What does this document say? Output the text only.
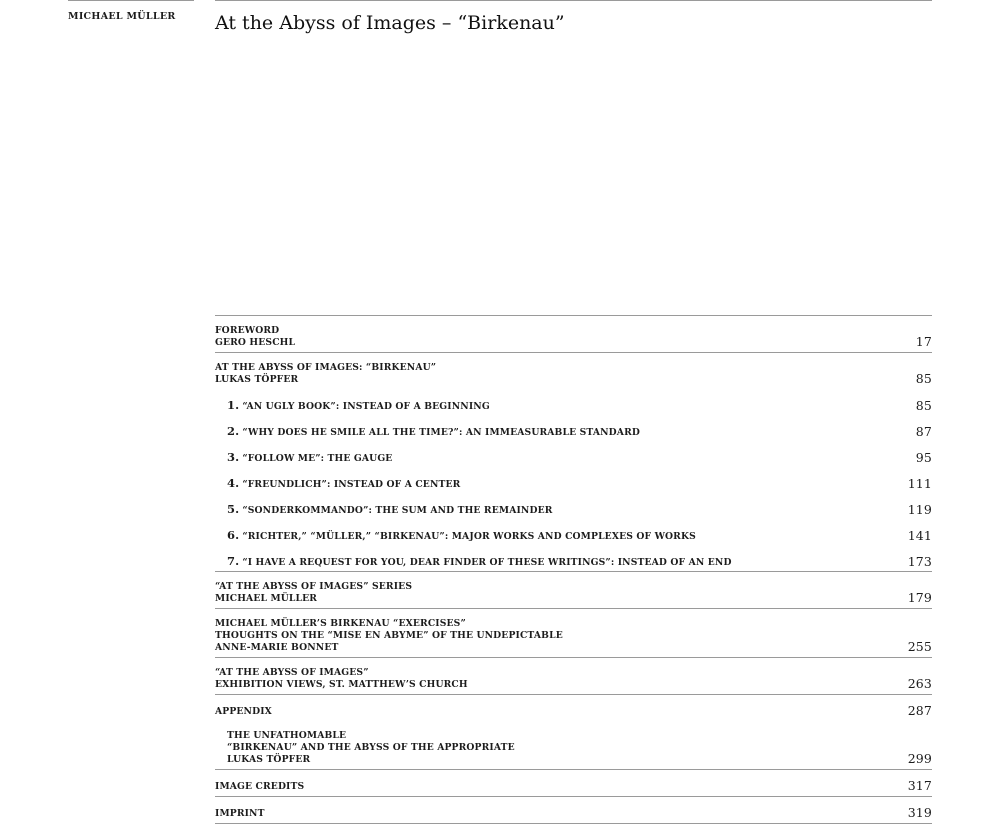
MICHAEL MÜLLER At the Abyss of Images – “Birkenau”
FOREWORD
GERO HESCHL	17
AT THE ABYSS OF IMAGES: “BIRKENAU”
LUKAS TÖPFER	85
1. “AN UGLY BOOK”: INSTEAD OF A BEGINNING	85
2. “WHY DOES HE SMILE ALL THE TIME?”: AN IMMEASURABLE STANDARD	87
3. “FOLLOW ME”: THE GAUGE	95
4. “FREUNDLICH”: INSTEAD OF A CENTER	111
5. “SONDERKOMMANDO”: THE SUM AND THE REMAINDER	119
6. “RICHTER,” “MÜLLER,” “BIRKENAU”: MAJOR WORKS AND COMPLEXES OF WORKS	141
7. “I HAVE A REQUEST FOR YOU, DEAR FINDER OF THESE WRITINGS”: INSTEAD OF AN END	173
“AT THE ABYSS OF IMAGES” SERIES
MICHAEL MÜLLER	179
MICHAEL MÜLLER’S BIRKENAU “EXERCISES”
THOUGHTS ON THE “MISE EN ABYME” OF THE UNDEPICTABLE
ANNE-MARIE BONNET	255
“AT THE ABYSS OF IMAGES”
EXHIBITION VIEWS, ST. MATTHEW’S CHURCH	263
APPENDIX	287
THE UNFATHOMABLE
“BIRKENAU” AND THE ABYSS OF THE APPROPRIATE
LUKAS TÖPFER	299
IMAGE CREDITS	317
IMPRINT	319
